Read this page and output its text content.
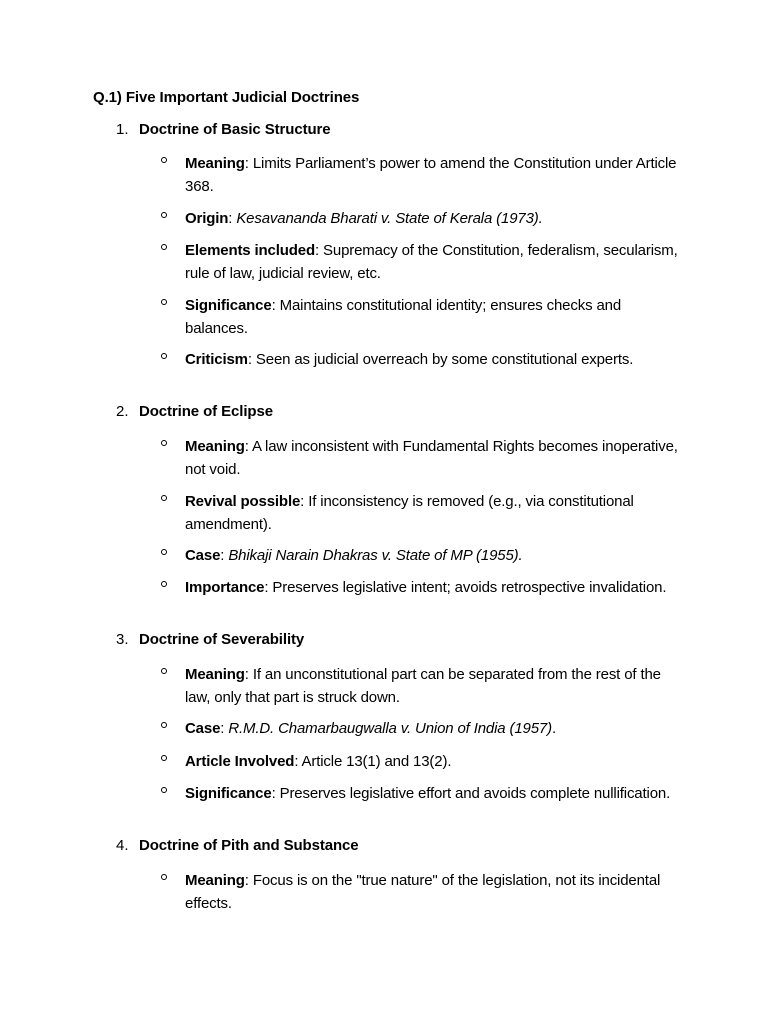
Q.1) Five Important Judicial Doctrines
1. Doctrine of Basic Structure
Meaning: Limits Parliament’s power to amend the Constitution under Article 368.
Origin: Kesavananda Bharati v. State of Kerala (1973).
Elements included: Supremacy of the Constitution, federalism, secularism, rule of law, judicial review, etc.
Significance: Maintains constitutional identity; ensures checks and balances.
Criticism: Seen as judicial overreach by some constitutional experts.
2. Doctrine of Eclipse
Meaning: A law inconsistent with Fundamental Rights becomes inoperative, not void.
Revival possible: If inconsistency is removed (e.g., via constitutional amendment).
Case: Bhikaji Narain Dhakras v. State of MP (1955).
Importance: Preserves legislative intent; avoids retrospective invalidation.
3. Doctrine of Severability
Meaning: If an unconstitutional part can be separated from the rest of the law, only that part is struck down.
Case: R.M.D. Chamarbaugwalla v. Union of India (1957).
Article Involved: Article 13(1) and 13(2).
Significance: Preserves legislative effort and avoids complete nullification.
4. Doctrine of Pith and Substance
Meaning: Focus is on the "true nature" of the legislation, not its incidental effects.
